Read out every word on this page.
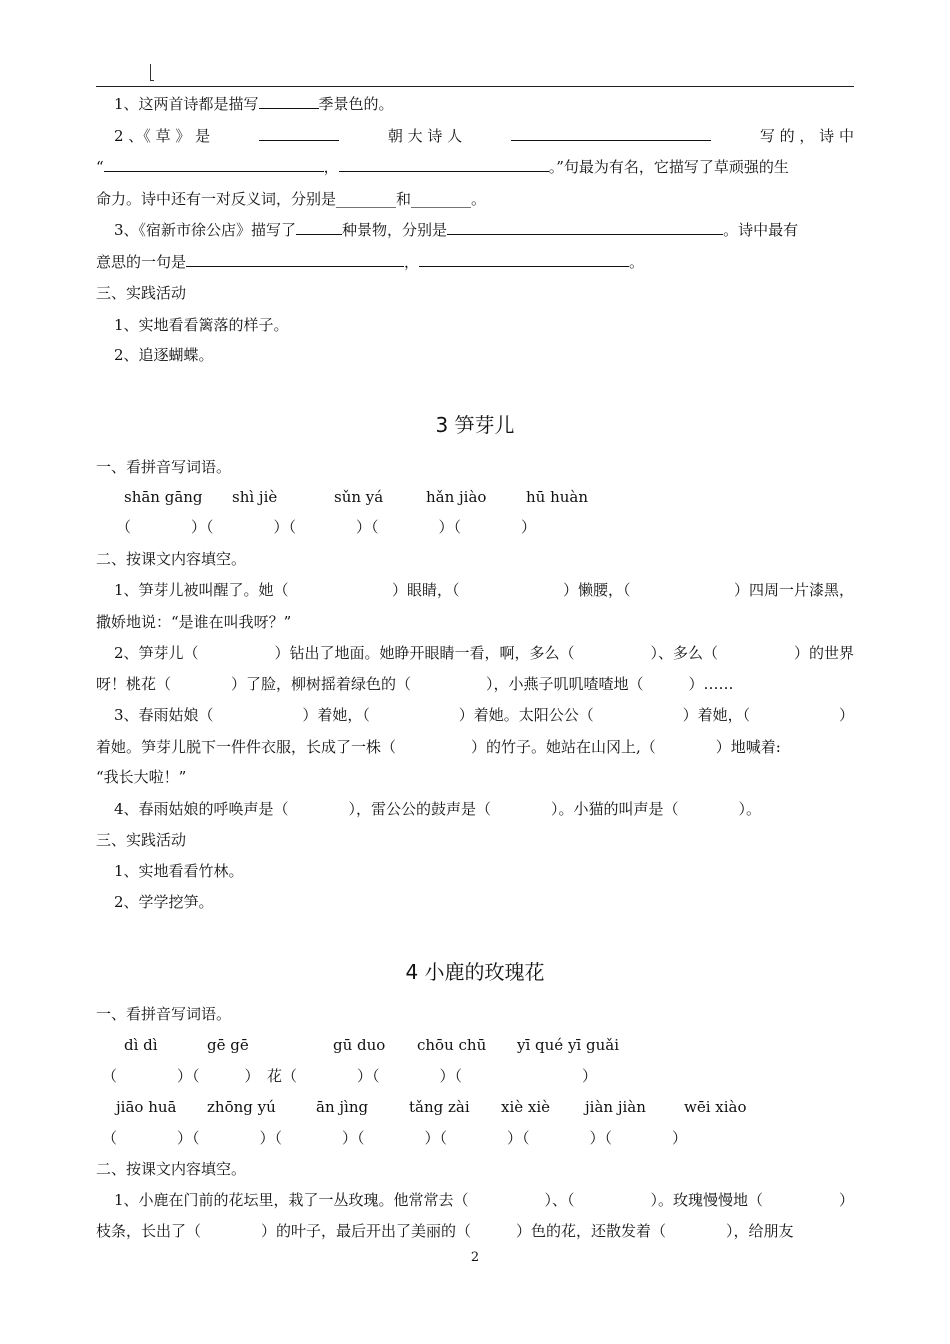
1、这两首诗都是描写	季景色的。
2 、《 草 》 是	朝 大 诗 人	写 的 ， 诗 中
“	，	。”句最为有名，它描写了草顽强的生
命力。诗中还有一对反义词，分别是________和________。
3、《宿新市徐公店》描写了	种景物，分别是	。诗中最有
意思的一句是	，	。
三、实践活动
1、实地看看篱落的样子。
2、追逐蝴蝶。
3 笋芽儿
一、看拼音写词语。
shān gāng shì jiè	sǔn yá	hǎn jiào	hū huàn
（　　　　）（　　　　）（　　　　）（　　　　）（　　　　）
二、按课文内容填空。
1、笋芽儿被叫醒了。她（	）眼睛，（	）懒腰，（	）四周一片漆黑，
撒娇地说：“是谁在叫我呀？”
2、笋芽儿（	）钻出了地面。她睁开眼睛一看，啊，多么（	）、多么（	）的世界
呀！桃花（　　　　）了脸，柳树摇着绿色的（　　　　　），小燕子叽叽喳喳地（　　　）……
3、春雨姑娘（	）着她，（	）着她。太阳公公（	）着她，（	）
着她。笋芽儿脱下一件件衣服，长成了一株（　　　　　）的竹子。她站在山冈上,（　　　　）地喊着:
“我长大啦！”
4、春雨姑娘的呼唤声是（　　　　），雷公公的鼓声是（　　　　）。小猫的叫声是（　　　　）。
三、实践活动
1、实地看看竹林。
2、学学挖笋。
4 小鹿的玫瑰花
一、看拼音写词语。
dì dì	gē gē	gū duo chōu chū yī qué yī guǎi
（　　　　）（　　　）　花（　　　　）（　　　　）（　　　　　　　　）
jiāo huā zhōng yú	ān jìng	tǎng zài xiè xiè jiàn jiàn	wēi xiào
（　　　　）（　　　　）（　　　　）（　　　　）（　　　　）（　　　　）（　　　　）
二、按课文内容填空。
1、小鹿在门前的花坛里，栽了一丛玫瑰。他常常去（	）、（	）。玫瑰慢慢地（	）
枝条，长出了（　　　　）的叶子，最后开出了美丽的（　　　）色的花，还散发着（　　　　），给朋友
2
